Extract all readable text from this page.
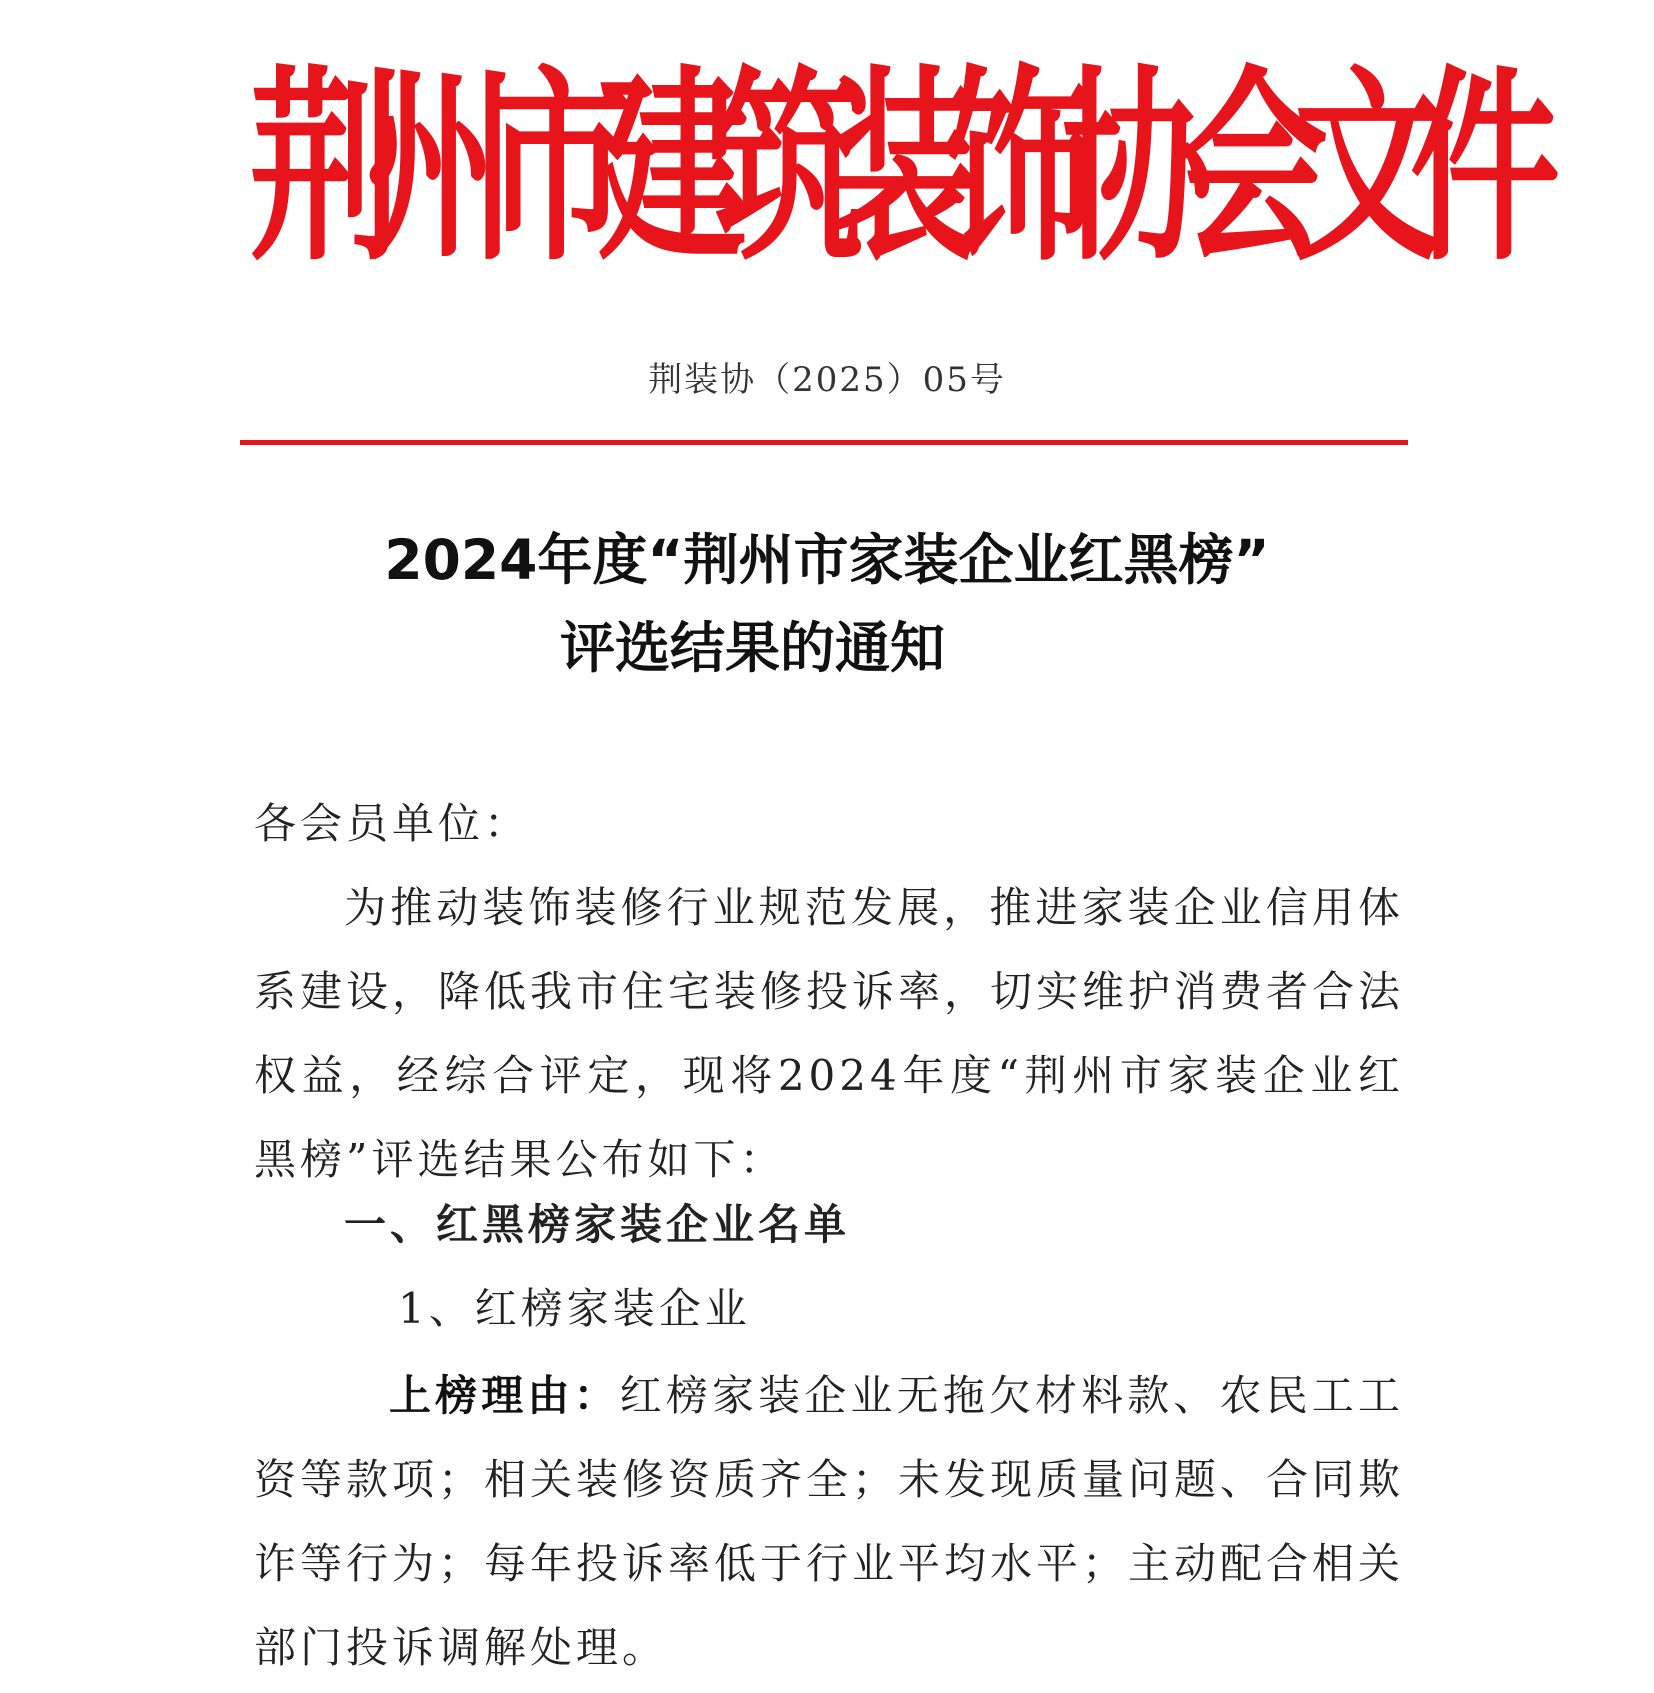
荆
州
市
建
筑
装
饰
协
会
文
件
荆装协（2025）05号
2024年度“荆州市家装企业红黑榜”
评选结果的通知
各会员单位：
为推动装饰装修行业规范发展，推进家装企业信用体系建设，降低我市住宅装修投诉率，切实维护消费者合法权益，经综合评定，现将2024年度“荆州市家装企业红黑榜”评选结果公布如下：
一、红黑榜家装企业名单
1、红榜家装企业
上榜理由：红榜家装企业无拖欠材料款、农民工工资等款项；相关装修资质齐全；未发现质量问题、合同欺诈等行为；每年投诉率低于行业平均水平；主动配合相关部门投诉调解处理。
